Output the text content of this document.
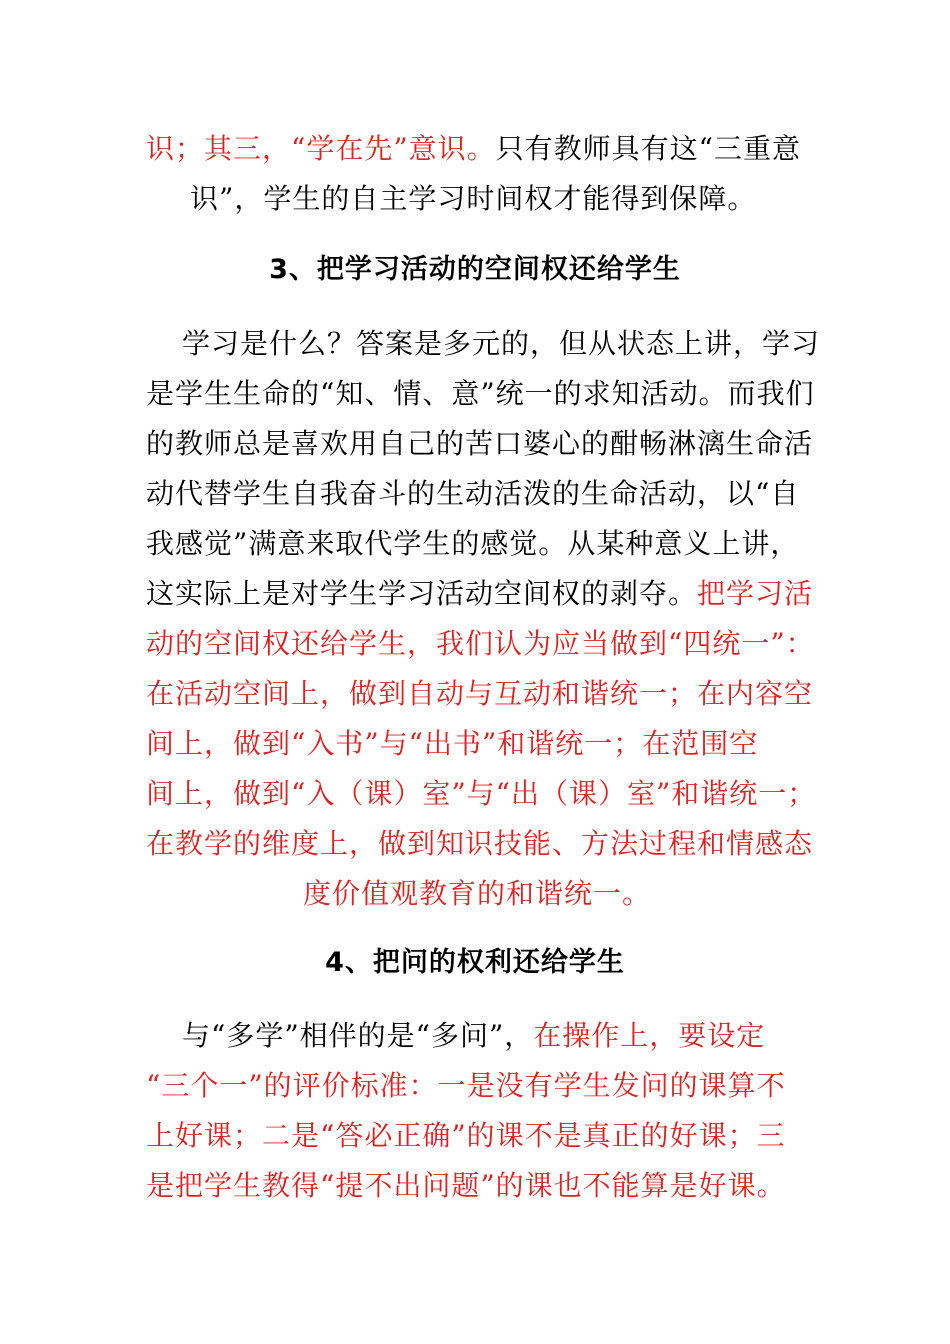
识；其三，“学在先”意识。只有教师具有这“三重意
识”，学生的自主学习时间权才能得到保障。
3、把学习活动的空间权还给学生
学习是什么？答案是多元的，但从状态上讲，学习
是学生生命的“知、情、意”统一的求知活动。而我们
的教师总是喜欢用自己的苦口婆心的酣畅淋漓生命活
动代替学生自我奋斗的生动活泼的生命活动，以“自
我感觉”满意来取代学生的感觉。从某种意义上讲，
这实际上是对学生学习活动空间权的剥夺。把学习活
动的空间权还给学生，我们认为应当做到“四统一”：
在活动空间上，做到自动与互动和谐统一；在内容空
间上，做到“入书”与“出书”和谐统一；在范围空
间上，做到“入（课）室”与“出（课）室”和谐统一；
在教学的维度上，做到知识技能、方法过程和情感态
度价值观教育的和谐统一。
4、把问的权利还给学生
与“多学”相伴的是“多问”，在操作上，要设定
“三个一”的评价标准：一是没有学生发问的课算不
上好课；二是“答必正确”的课不是真正的好课；三
是把学生教得“提不出问题”的课也不能算是好课。
